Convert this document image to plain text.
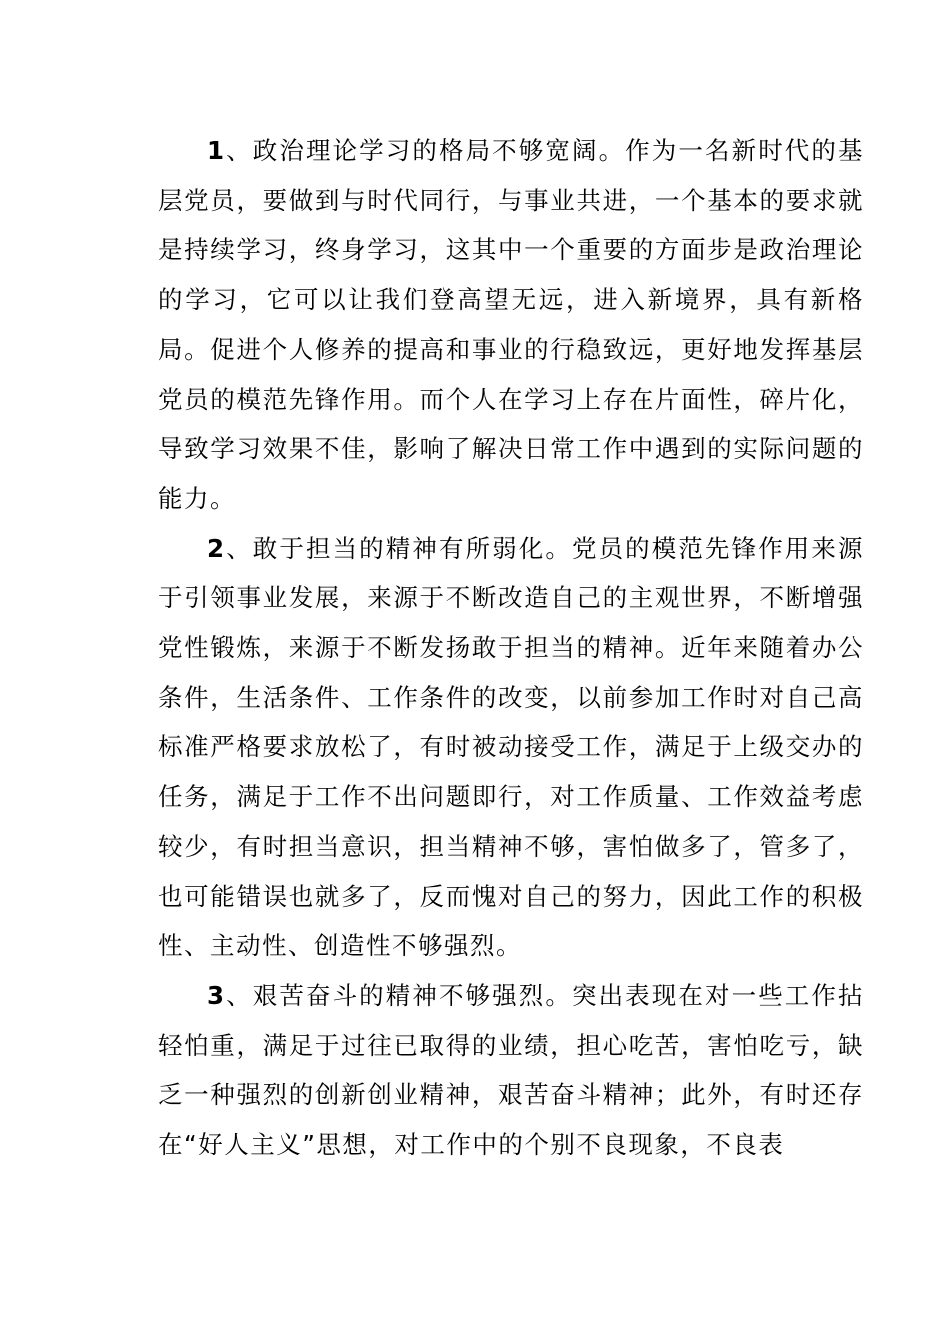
1、政治理论学习的格局不够宽阔。作为一名新时代的基层党员，要做到与时代同行，与事业共进，一个基本的要求就是持续学习，终身学习，这其中一个重要的方面步是政治理论的学习，它可以让我们登高望无远，进入新境界，具有新格局。促进个人修养的提高和事业的行稳致远，更好地发挥基层党员的模范先锋作用。而个人在学习上存在片面性，碎片化，导致学习效果不佳，影响了解决日常工作中遇到的实际问题的能力。

2、敢于担当的精神有所弱化。党员的模范先锋作用来源于引领事业发展，来源于不断改造自己的主观世界，不断增强党性锻炼，来源于不断发扬敢于担当的精神。近年来随着办公条件，生活条件、工作条件的改变，以前参加工作时对自己高标准严格要求放松了，有时被动接受工作，满足于上级交办的任务，满足于工作不出问题即行，对工作质量、工作效益考虑较少，有时担当意识，担当精神不够，害怕做多了，管多了，也可能错误也就多了，反而愧对自己的努力，因此工作的积极性、主动性、创造性不够强烈。

3、艰苦奋斗的精神不够强烈。突出表现在对一些工作拈轻怕重，满足于过往已取得的业绩，担心吃苦，害怕吃亏，缺乏一种强烈的创新创业精神，艰苦奋斗精神；此外，有时还存在“好人主义”思想，对工作中的个别不良现象，不良表
